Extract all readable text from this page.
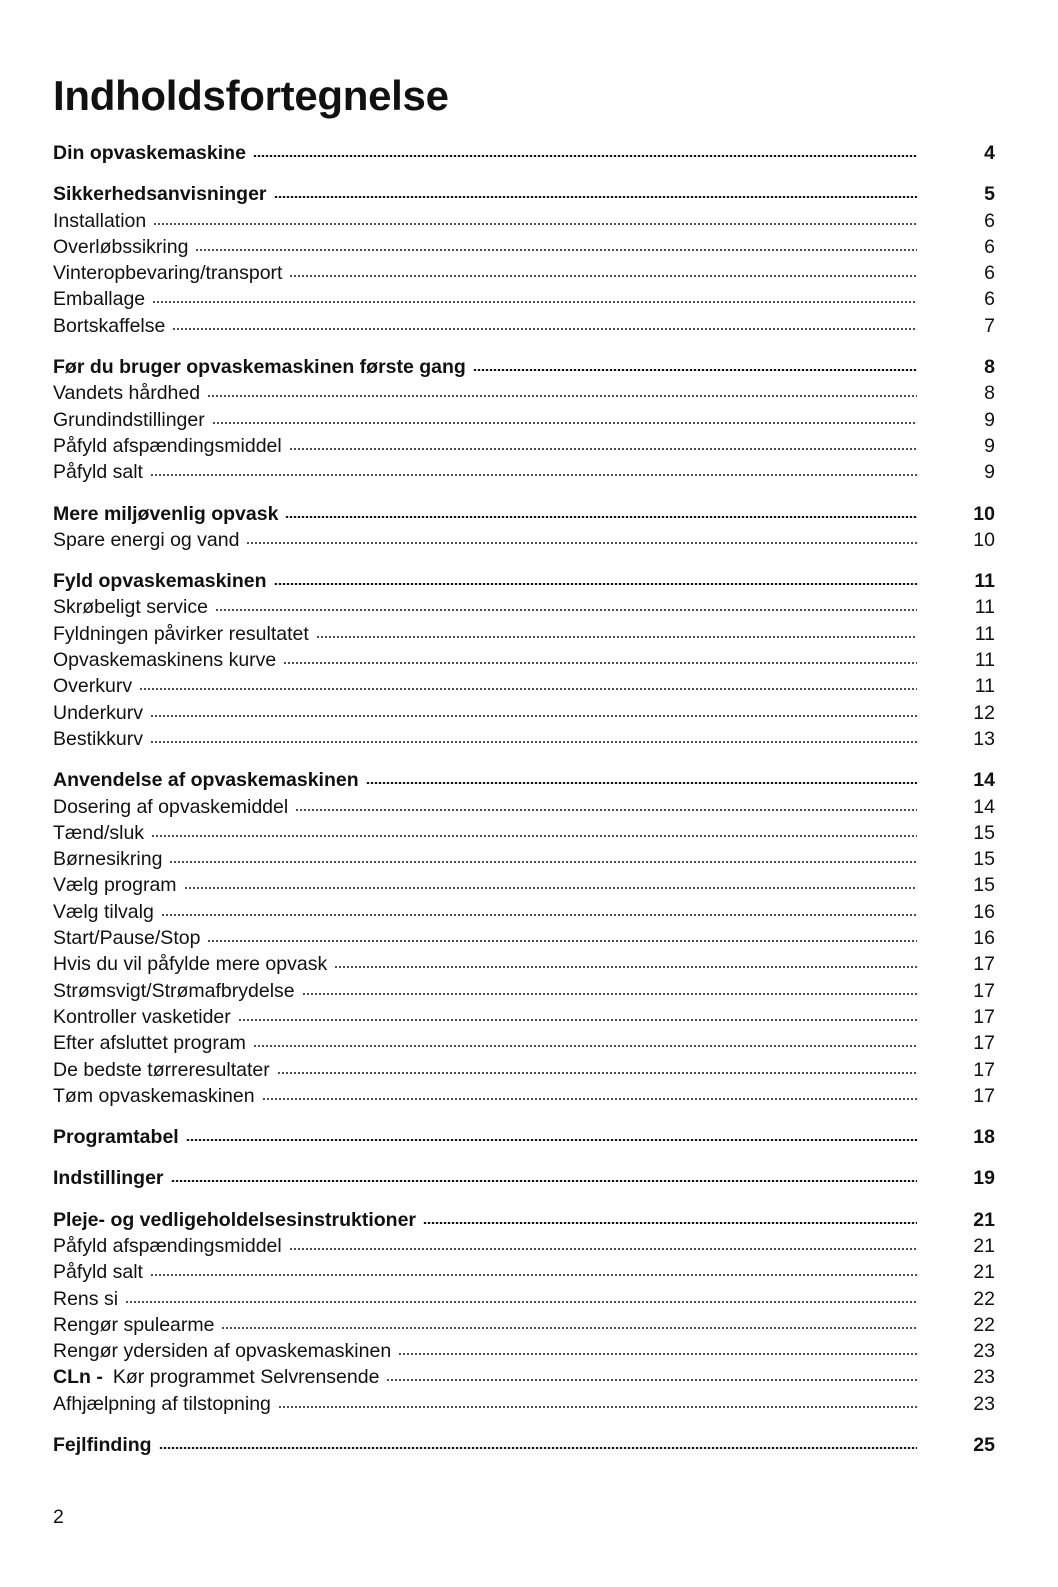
Indholdsfortegnelse
Din opvaskemaskine	4
Sikkerhedsanvisninger	5
Installation	6
Overløbssikring	6
Vinteropbevaring/transport	6
Emballage	6
Bortskaffelse	7
Før du bruger opvaskemaskinen første gang	8
Vandets hårdhed	8
Grundindstillinger	9
Påfyld afspændingsmiddel	9
Påfyld salt	9
Mere miljøvenlig opvask	10
Spare energi og vand	10
Fyld opvaskemaskinen	11
Skrøbeligt service	11
Fyldningen påvirker resultatet	11
Opvaskemaskinens kurve	11
Overkurv	11
Underkurv	12
Bestikkurv	13
Anvendelse af opvaskemaskinen	14
Dosering af opvaskemiddel	14
Tænd/sluk	15
Børnesikring	15
Vælg program	15
Vælg tilvalg	16
Start/Pause/Stop	16
Hvis du vil påfylde mere opvask	17
Strømsvigt/Strømafbrydelse	17
Kontroller vasketider	17
Efter afsluttet program	17
De bedste tørreresultater	17
Tøm opvaskemaskinen	17
Programtabel	18
Indstillinger	19
Pleje- og vedligeholdelsesinstruktioner	21
Påfyld afspændingsmiddel	21
Påfyld salt	21
Rens si	22
Rengør spulearme	22
Rengør ydersiden af opvaskemaskinen	23
CLn - Kør programmet Selvrensende	23
Afhjælpning af tilstopning	23
Fejlfinding	25
2
